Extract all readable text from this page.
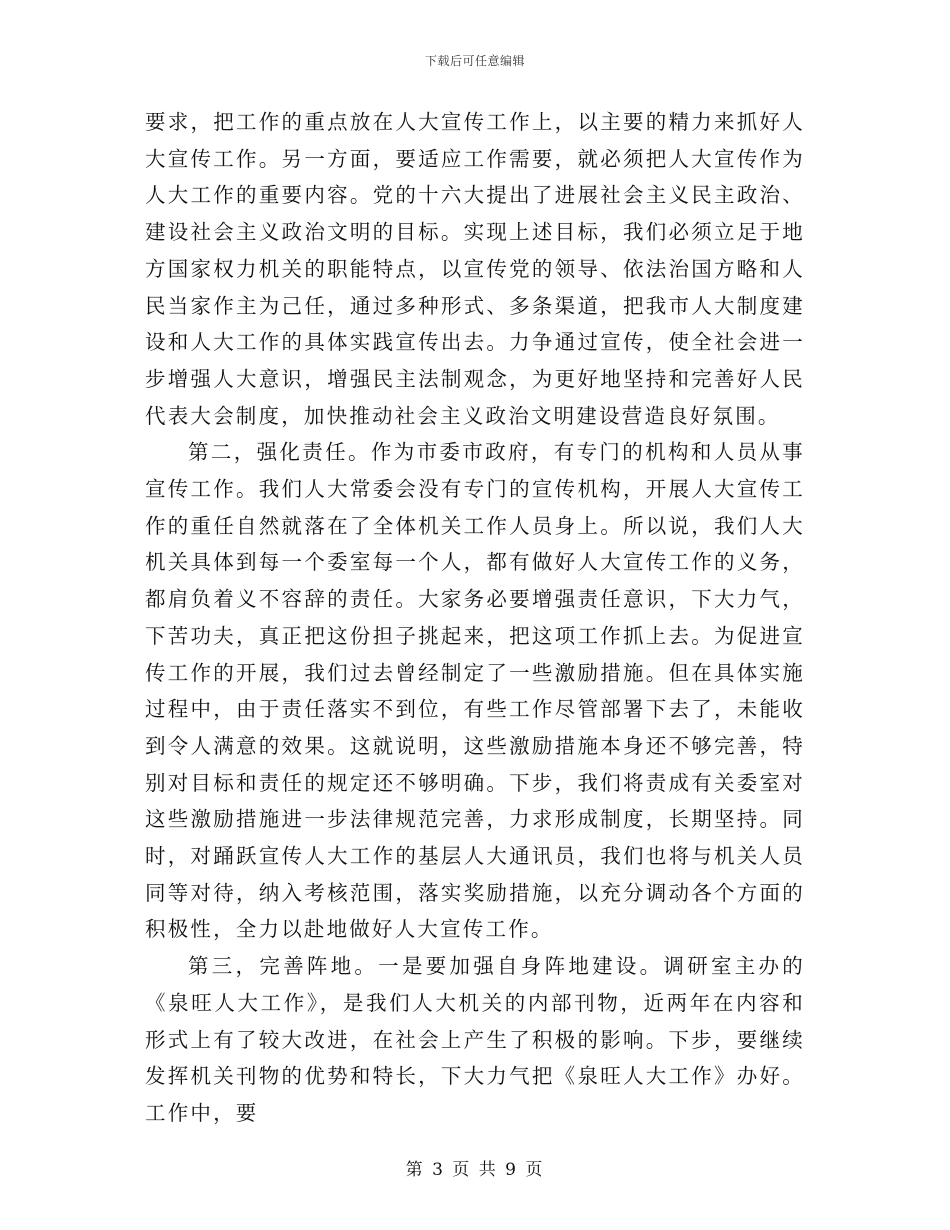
下载后可任意编辑

要求，把工作的重点放在人大宣传工作上，以主要的精力来抓好人大宣传工作。另一方面，要适应工作需要，就必须把人大宣传作为人大工作的重要内容。党的十六大提出了进展社会主义民主政治、建设社会主义政治文明的目标。实现上述目标，我们必须立足于地方国家权力机关的职能特点，以宣传党的领导、依法治国方略和人民当家作主为己任，通过多种形式、多条渠道，把我市人大制度建设和人大工作的具体实践宣传出去。力争通过宣传，使全社会进一步增强人大意识，增强民主法制观念，为更好地坚持和完善好人民代表大会制度，加快推动社会主义政治文明建设营造良好氛围。

第二，强化责任。作为市委市政府，有专门的机构和人员从事宣传工作。我们人大常委会没有专门的宣传机构，开展人大宣传工作的重任自然就落在了全体机关工作人员身上。所以说，我们人大机关具体到每一个委室每一个人，都有做好人大宣传工作的义务，都肩负着义不容辞的责任。大家务必要增强责任意识，下大力气，下苦功夫，真正把这份担子挑起来，把这项工作抓上去。为促进宣传工作的开展，我们过去曾经制定了一些激励措施。但在具体实施过程中，由于责任落实不到位，有些工作尽管部署下去了，未能收到令人满意的效果。这就说明，这些激励措施本身还不够完善，特别对目标和责任的规定还不够明确。下步，我们将责成有关委室对这些激励措施进一步法律规范完善，力求形成制度，长期坚持。同时，对踊跃宣传人大工作的基层人大通讯员，我们也将与机关人员同等对待，纳入考核范围，落实奖励措施，以充分调动各个方面的积极性，全力以赴地做好人大宣传工作。

第三，完善阵地。一是要加强自身阵地建设。调研室主办的《泉旺人大工作》，是我们人大机关的内部刊物，近两年在内容和形式上有了较大改进，在社会上产生了积极的影响。下步，要继续发挥机关刊物的优势和特长，下大力气把《泉旺人大工作》办好。工作中，要

第 3 页 共 9 页
